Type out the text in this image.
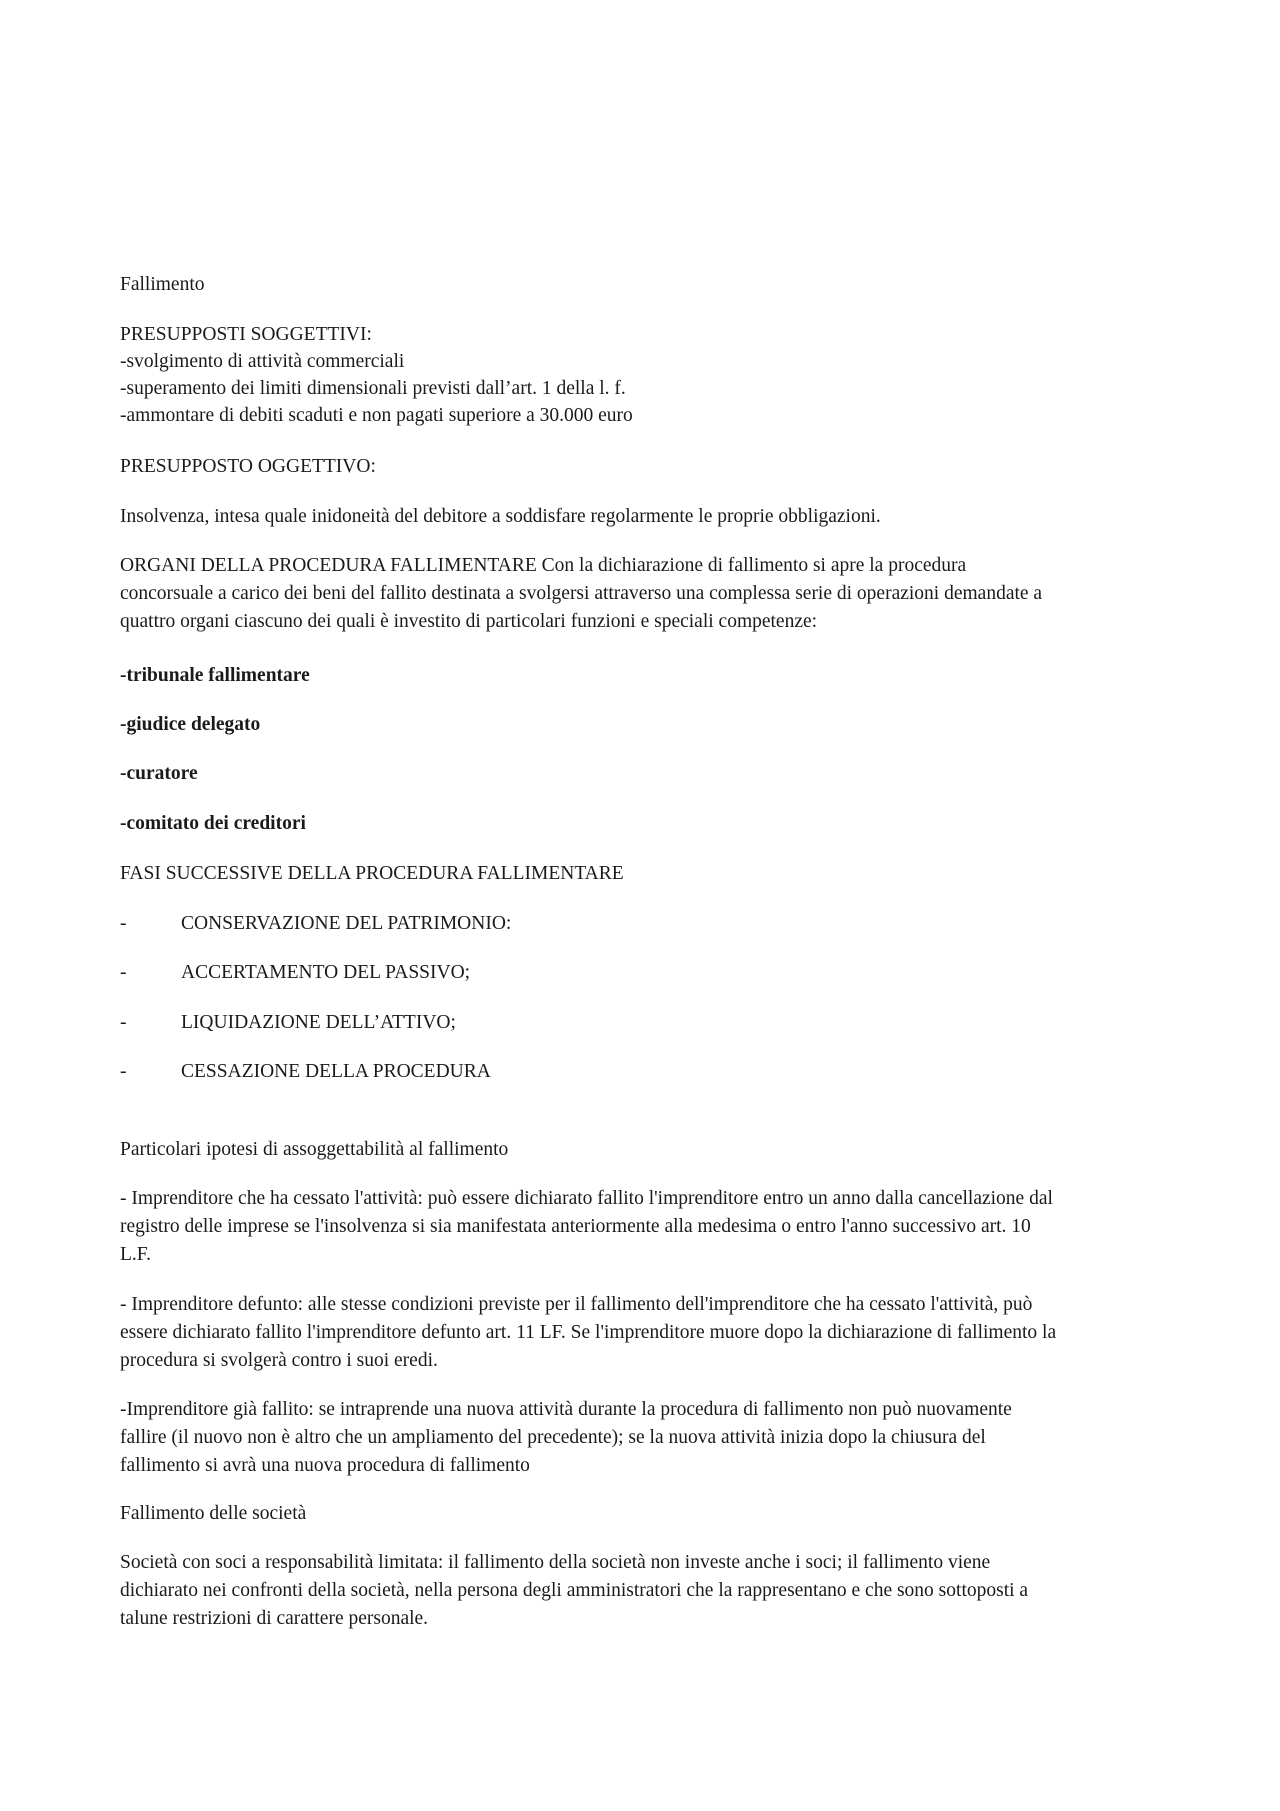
Fallimento
PRESUPPOSTI SOGGETTIVI:
-svolgimento di attività commerciali
-superamento dei limiti dimensionali previsti dall’art. 1 della l. f.
-ammontare di debiti scaduti e non pagati superiore a 30.000 euro
PRESUPPOSTO OGGETTIVO:
Insolvenza, intesa quale inidoneità del debitore a soddisfare regolarmente le proprie obbligazioni.
ORGANI DELLA PROCEDURA FALLIMENTARE Con la dichiarazione di fallimento si apre la procedura
concorsuale a carico dei beni del fallito destinata a svolgersi attraverso una complessa serie di operazioni demandate a
quattro organi ciascuno dei quali è investito di particolari funzioni e speciali competenze:
-tribunale fallimentare
-giudice delegato
-curatore
-comitato dei creditori
FASI SUCCESSIVE DELLA PROCEDURA FALLIMENTARE
-	CONSERVAZIONE DEL PATRIMONIO:
-	ACCERTAMENTO DEL PASSIVO;
-	LIQUIDAZIONE DELL’ATTIVO;
-	CESSAZIONE DELLA PROCEDURA
Particolari ipotesi di assoggettabilità al fallimento
- Imprenditore che ha cessato l'attività: può essere dichiarato fallito l'imprenditore entro un anno dalla cancellazione dal
registro delle imprese se l'insolvenza si sia manifestata anteriormente alla medesima o entro l'anno successivo art. 10
L.F.
- Imprenditore defunto: alle stesse condizioni previste per il fallimento dell'imprenditore che ha cessato l'attività, può
essere dichiarato fallito l'imprenditore defunto art. 11 LF. Se l'imprenditore muore dopo la dichiarazione di fallimento la
procedura si svolgerà contro i suoi eredi.
-Imprenditore già fallito: se intraprende una nuova attività durante la procedura di fallimento non può nuovamente
fallire (il nuovo non è altro che un ampliamento del precedente); se la nuova attività inizia dopo la chiusura del
fallimento si avrà una nuova procedura di fallimento
Fallimento delle società
Società con soci a responsabilità limitata: il fallimento della società non investe anche i soci; il fallimento viene
dichiarato nei confronti della società, nella persona degli amministratori che la rappresentano e che sono sottoposti a
talune restrizioni di carattere personale.
